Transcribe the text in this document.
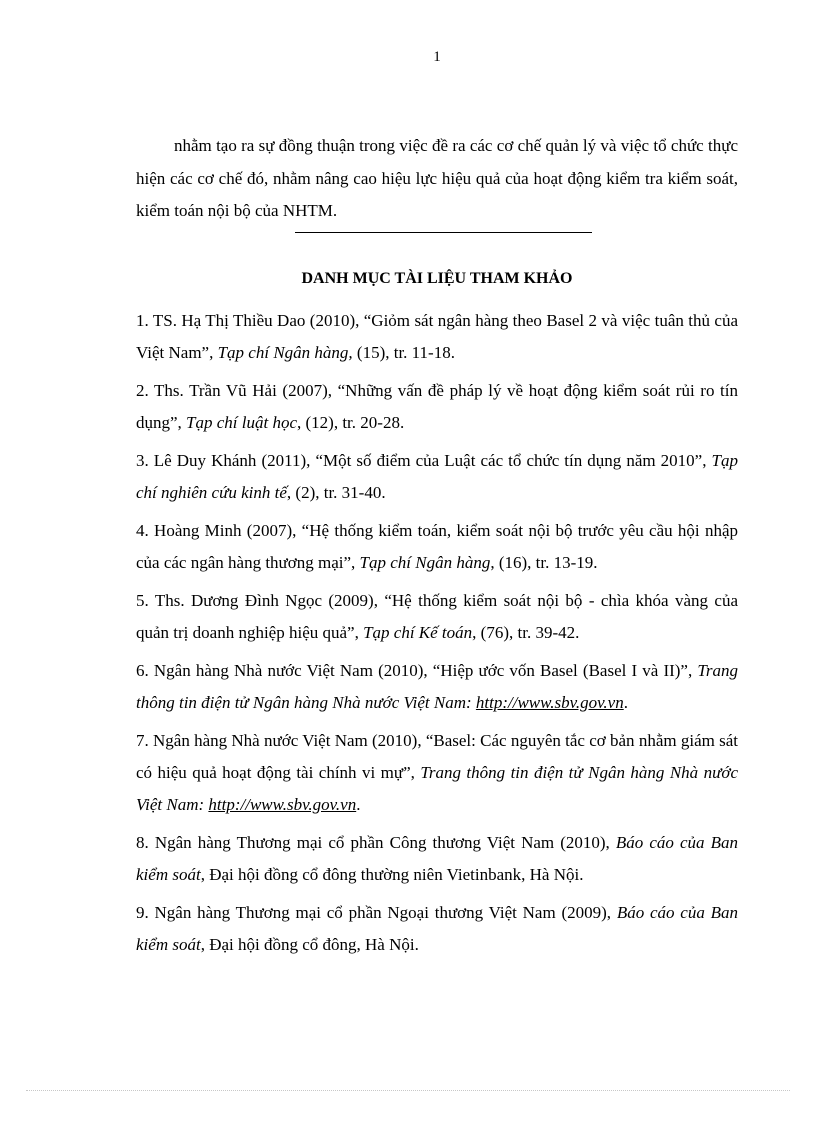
1

nhằm tạo ra sự đồng thuận trong việc đề ra các cơ chế quản lý và việc tổ chức thực hiện các cơ chế đó, nhằm nâng cao hiệu lực hiệu quả của hoạt động kiểm tra kiểm soát, kiểm toán nội bộ của NHTM.

DANH MỤC TÀI LIỆU THAM KHẢO
1. TS. Hạ Thị Thiều Dao (2010), “Giỏm sát ngân hàng theo Basel 2 và việc tuân thủ của Việt Nam”, Tạp chí Ngân hàng, (15), tr. 11-18.
2. Ths. Trần Vũ Hải (2007), “Những vấn đề pháp lý về hoạt động kiểm soát rủi ro tín dụng”, Tạp chí luật học, (12), tr. 20-28.
3. Lê Duy Khánh (2011), “Một số điểm của Luật các tổ chức tín dụng năm 2010”, Tạp chí nghiên cứu kinh tế, (2), tr. 31-40.
4. Hoàng Minh (2007), “Hệ thống kiểm toán, kiểm soát nội bộ trước yêu cầu hội nhập của các ngân hàng thương mại”, Tạp chí Ngân hàng, (16), tr. 13-19.
5. Ths. Dương Đình Ngọc (2009), “Hệ thống kiểm soát nội bộ - chìa khóa vàng của quản trị doanh nghiệp hiệu quả”, Tạp chí Kế toán, (76), tr. 39-42.
6. Ngân hàng Nhà nước Việt Nam (2010), “Hiệp ước vốn Basel (Basel I và II)”, Trang thông tin điện tử Ngân hàng Nhà nước Việt Nam: http://www.sbv.gov.vn.
7. Ngân hàng Nhà nước Việt Nam (2010), “Basel: Các nguyên tắc cơ bản nhằm giám sát có hiệu quả hoạt động tài chính vi mự”, Trang thông tin điện tử Ngân hàng Nhà nước Việt Nam: http://www.sbv.gov.vn.
8. Ngân hàng Thương mại cổ phần Công thương Việt Nam (2010), Báo cáo của Ban kiểm soát, Đại hội đồng cổ đông thường niên Vietinbank, Hà Nội.
9. Ngân hàng Thương mại cổ phần Ngoại thương Việt Nam (2009), Báo cáo của Ban kiểm soát, Đại hội đồng cổ đông, Hà Nội.
